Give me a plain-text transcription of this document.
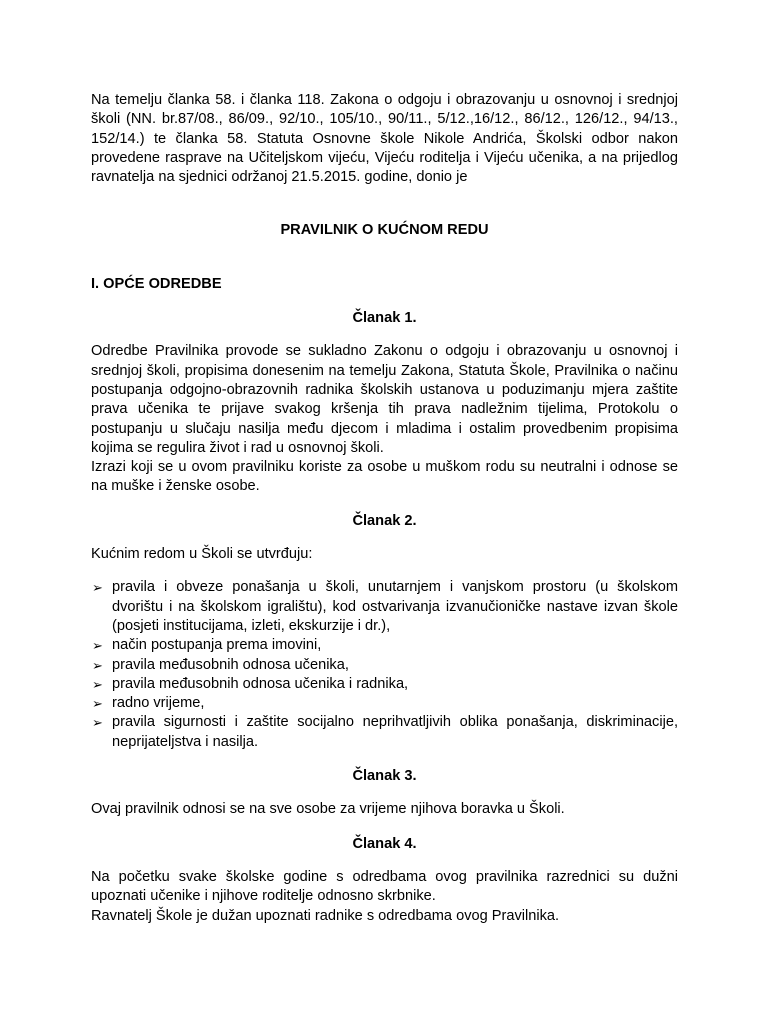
Na temelju članka 58. i članka 118. Zakona o odgoju i obrazovanju u osnovnoj i srednjoj školi (NN. br.87/08., 86/09., 92/10., 105/10., 90/11., 5/12.,16/12., 86/12., 126/12., 94/13., 152/14.) te članka 58. Statuta Osnovne škole Nikole Andrića, Školski odbor nakon provedene rasprave na Učiteljskom vijeću, Vijeću roditelja i Vijeću učenika, a na prijedlog ravnatelja na sjednici održanoj 21.5.2015. godine, donio je

PRAVILNIK O KUĆNOM REDU

I. OPĆE ODREDBE

Članak 1.

Odredbe Pravilnika provode se sukladno Zakonu o odgoju i obrazovanju u osnovnoj i srednjoj školi, propisima donesenim na temelju Zakona, Statuta Škole, Pravilnika o načinu postupanja odgojno-obrazovnih radnika školskih ustanova u poduzimanju mjera zaštite prava učenika te prijave svakog kršenja tih prava nadležnim tijelima, Protokolu o postupanju u slučaju nasilja među djecom i mladima i ostalim provedbenim propisima kojima se regulira život i rad u osnovnoj školi.

Izrazi koji se u ovom pravilniku koriste za osobe u muškom rodu su neutralni i odnose se na muške i ženske osobe.

Članak 2.

Kućnim redom u Školi se utvrđuju:

➢ pravila i obveze ponašanja u školi, unutarnjem i vanjskom prostoru (u školskom dvorištu i na školskom igralištu), kod ostvarivanja izvanučioničke nastave izvan škole (posjeti institucijama, izleti, ekskurzije i dr.),
➢ način postupanja prema imovini,
➢ pravila međusobnih odnosa učenika,
➢ pravila međusobnih odnosa učenika i radnika,
➢ radno vrijeme,
➢ pravila sigurnosti i zaštite socijalno neprihvatljivih oblika ponašanja, diskriminacije, neprijateljstva i nasilja.

Članak 3.

Ovaj pravilnik odnosi se na sve osobe za vrijeme njihova boravka u Školi.

Članak 4.

Na početku svake školske godine s odredbama ovog pravilnika razrednici su dužni upoznati učenike i njihove roditelje odnosno skrbnike.

Ravnatelj Škole je dužan upoznati radnike s odredbama ovog Pravilnika.
